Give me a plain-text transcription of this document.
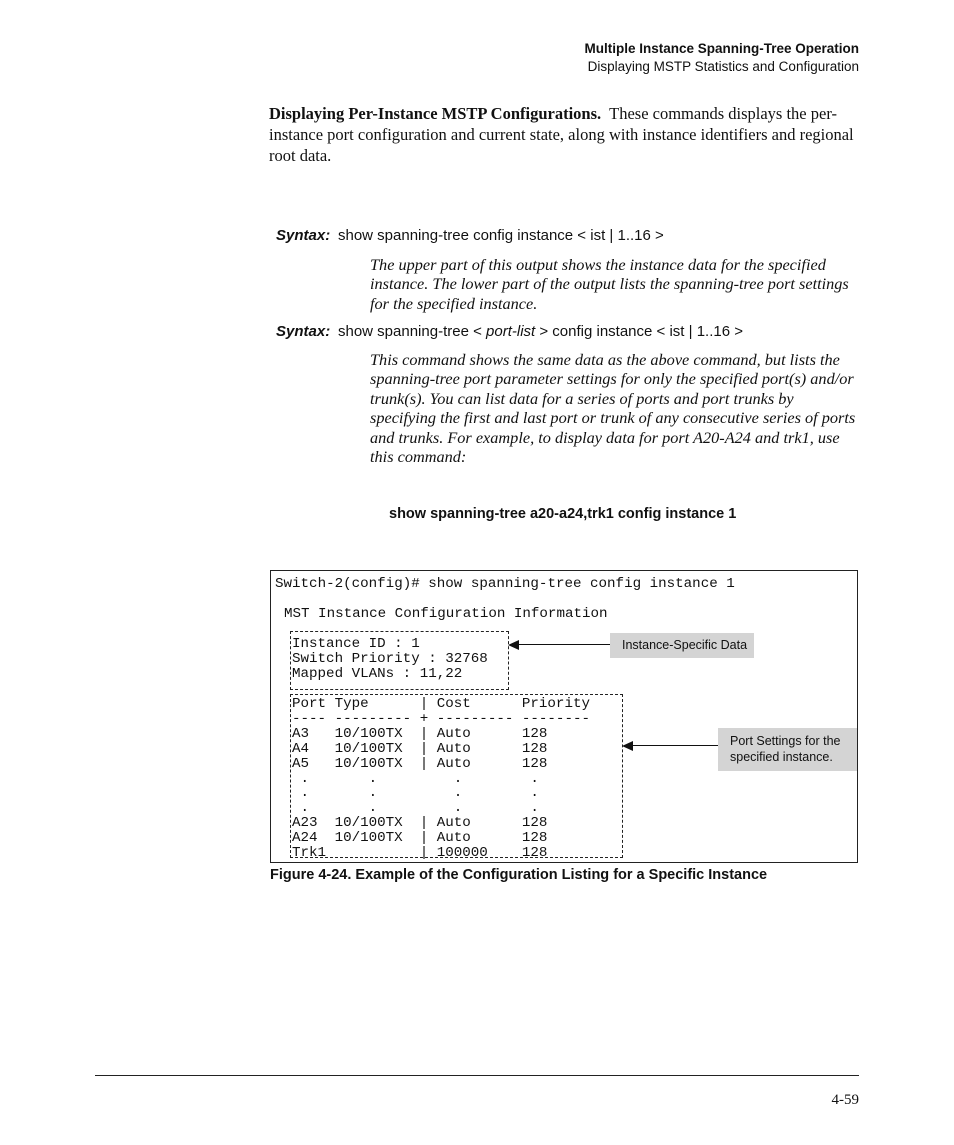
Multiple Instance Spanning-Tree Operation
Displaying MSTP Statistics and Configuration
Displaying Per-Instance MSTP Configurations. These commands displays the per-instance port configuration and current state, along with instance identifiers and regional root data.
Syntax: show spanning-tree config instance < ist | 1..16 >
The upper part of this output shows the instance data for the specified instance. The lower part of the output lists the spanning-tree port settings for the specified instance.
Syntax: show spanning-tree < port-list > config instance < ist | 1..16 >
This command shows the same data as the above command, but lists the spanning-tree port parameter settings for only the specified port(s) and/or trunk(s). You can list data for a series of ports and port trunks by specifying the first and last port or trunk of any consecutive series of ports and trunks. For example, to display data for port A20-A24 and trk1, use this command:
show spanning-tree a20-a24,trk1 config instance 1
Switch-2(config)# show spanning-tree config instance 1
MST Instance Configuration Information
Instance ID : 1
Switch Priority : 32768
Mapped VLANs : 11,22
Port Type      | Cost      Priority
---- --------- + --------- --------
A3   10/100TX  | Auto      128
A4   10/100TX  | Auto      128
A5   10/100TX  | Auto      128
.       .         .        .
.       .         .        .
.       .         .        .
A23  10/100TX  | Auto      128
A24  10/100TX  | Auto      128
Trk1           | 100000    128
Instance-Specific Data
Port Settings for the specified instance.
Figure 4-24. Example of the Configuration Listing for a Specific Instance
4-59
